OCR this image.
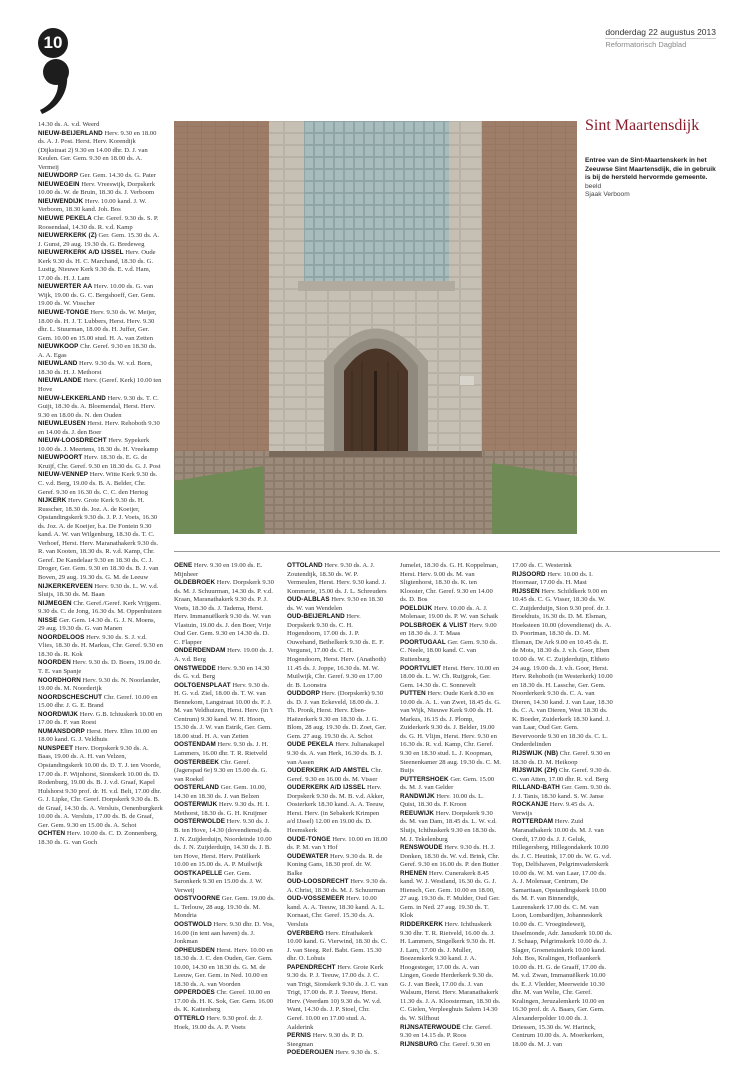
10
donderdag 22 augustus 2013
Reformatorisch Dagblad

14.30 ds. A. v.d. Weerd

NIEUW-BEIJERLAND Herv. 9.30 en 18.00 ds. A. J. Post. Herst. Herv. Korendijk (Dijkstraat 2) 9.30 en 14.00 dhr. D. J. van Keulen. Ger. Gem. 9.30 en 18.00 ds. A. Vermeij

NIEUWDORP Ger. Gem. 14.30 ds. G. Pater

NIEUWEGEIN Herv. Vreeswijk, Dorpskerk 10.00 ds. W. de Bruin, 18.30 ds. J. Verboom

NIEUWENDIJK Herv. 10.00 kand. J. W. Verboom, 18.30 kand. Joh. Bos

NIEUWE PEKELA Chr. Geref. 9.30 ds. S. P. Roosendaal, 14.30 ds. R. v.d. Kamp

NIEUWERKERK (Z) Ger. Gem. 15.30 ds. A. J. Gunst, 29 aug. 19.30 ds. G. Bredeweg

NIEUWERKERK A/D IJSSEL Herv. Oude Kerk 9.30 ds. H. C. Marchand, 18.30 ds. G. Lustig, Nieuwe Kerk 9.30 ds. E. v.d. Ham, 17.00 ds. H. J. Lam

NIEUWERTER AA Herv. 10.00 ds. G. van Wijk, 19.00 ds. G. C. Bergshoeff, Ger. Gem. 19.00 ds. W. Visscher

NIEUWE-TONGE Herv. 9.30 ds. W. Meijer, 18.00 ds. H. J. T. Lubbers, Herst. Herv. 9.30 dhr. L. Stuurman, 18.00 ds. H. Juffer, Ger. Gem. 10.00 en 15.00 stud. H. A. van Zetten

NIEUWKOOP Chr. Geref. 9.30 en 18.30 ds. A. A. Egas

NIEUWLAND Herv. 9.30 ds. W. v.d. Born, 18.30 ds. H. J. Methorst

NIEUWLANDE Herv. (Geref. Kerk) 10.00 ten Hove

NIEUW-LEKKERLAND Herv. 9.30 ds. T. C. Guijt, 18.30 ds. A. Bloemendal, Herst. Herv. 9.30 en 18.00 ds. N. den Ouden

NIEUWLEUSEN Herst. Herv. Rehoboth 9.30 en 14.00 ds. J. den Boer

NIEUW-LOOSDRECHT Herv. Sypekerk 10.00 ds. J. Meertens, 18.30 ds. H. Vreekamp

NIEUWPOORT Herv. 18.30 ds. E. G. de Kruijf, Chr. Geref. 9.30 en 18.30 ds. G. J. Post

NIEUW-VENNEP Herv. Witte Kerk 9.30 ds. C. v.d. Berg, 19.00 ds. B. A. Belder, Chr. Geref. 9.30 en 16.30 ds. C. C. den Hertog

NIJKERK Herv. Grote Kerk 9.30 ds. H. Russcher, 18.30 ds. Joz. A. de Koeijer, Opstandingskerk 9.30 ds. J. P. J. Voets, 16.30 ds. Joz. A. de Koeijer, b.a. De Fontein 9.30 kand. A. W. van Wilgenburg, 18.30 ds. T. C. Verhoef, Herst. Herv. Maranathakerk 9.30 ds. R. van Kooten, 18.30 ds. R. v.d. Kamp, Chr. Geref. De Kandelaar 9.30 en 18.30 ds. C. J. Droger, Ger. Gem. 9.30 en 18.30 ds. B. J. van Boven, 29 aug. 19.30 ds. G. M. de Leeuw

NIJKERKERVEEN Herv. 9.30 ds. L. W. v.d. Sluijs, 18.30 ds. M. Baan

NIJMEGEN Chr. Geref./Geref. Kerk Vrijgem. 9.30 ds. C. de Jong, 16.30 ds. M. Oppenhuizen

NISSE Ger. Gem. 14.30 ds. G. J. N. Moens, 29 aug. 19.30 ds. G. van Manen

NOORDELOOS Herv. 9.30 ds. S. J. v.d. Vlies, 18.30 ds. H. Markus, Chr. Geref. 9.30 en 18.30 ds. R. Kok

NOORDEN Herv. 9.30 ds. D. Boers, 19.00 dr. T. E. van Spanje

NOORDHORN Herv. 9.30 ds. N. Noorlander, 19.00 ds. M. Noorderijk

NOORDSCHESCHUT Chr. Geref. 10.00 en 15.00 dhr. J. G. E. Brand

NOORDWIJK Herv. G.B. Ichtuskerk 10.00 en 17.00 ds. F. van Roest

NUMANSDORP Herst. Herv. Elim 10.00 en 18.00 kand. G. J. Veldhuis

NUNSPEET Herv. Dorpskerk 9.30 ds. A. Baas, 19.00 ds. A. H. van Velzen, Opstandingskerk 10.00 ds. D. T. J. ten Voorde, 17.00 ds. F. Wijnhorst, Sionskerk 10.00 ds. D. Rodenburg, 19.00 ds. B. J. v.d. Graaf, Kapel Hulshorst 9.30 prof. dr. H. v.d. Belt, 17.00 dhr. G. J. Lipke, Chr. Geref. Dorpskerk 9.30 ds. B. de Graaf, 14.30 ds. A. Versluis, Oenenburgkerk 10.00 ds. A. Versluis, 17.00 ds. B. de Graaf, Ger. Gem. 9.30 en 15.00 ds. A. Schot

OCHTEN Herv. 10.00 ds. C. D. Zonnenberg, 18.30 ds. G. van Goch

Sint Maartensdijk
Entree van de Sint-Maartenskerk in het Zeeuwse Sint Maartensdijk, die in gebruik is bij de hersteld hervormde gemeente. beeld
Sjaak Verboom

OENE Herv. 9.30 en 19.00 ds. E. Mijnheer

OLDEBROEK Herv. Dorpskerk 9.30 ds. M. J. Schuurman, 14.30 ds. P. v.d. Kraan, Maranathakerk 9.30 ds. P. J. Voets, 18.30 ds. J. Tadema, Herst. Herv. Immanuëlkerk 9.30 ds. W. van Vlastuin, 19.00 ds. J. den Boer, Vrije Oud Ger. Gem. 9.30 en 14.30 ds. D. C. Flapper

ONDERDENDAM Herv. 19.00 ds. J. A. v.d. Berg

ONSTWEDDE Herv. 9.30 en 14.30 ds. G. v.d. Berg

OOLTGENSPLAAT Herv. 9.30 ds. H. G. v.d. Ziel, 18.00 ds. T. W. van Bennekom, Langstraat 10.00 ds. F. J. M. van Veldhuizen, Herst. Herv. (in 't Centrum) 9.30 kand. W. H. Hoorn, 15.30 ds. J. W. van Estrik, Ger. Gem. 18.00 stud. H. A. van Zetten

OOSTENDAM Herv. 9.30 ds. J. H. Lammers, 16.00 dhr. T. R. Rietveld

OOSTERBEEK Chr. Geref. (Jagerspad 6e) 9.30 en 15.00 ds. G. van Roekel

OOSTERLAND Ger. Gem. 10.00, 14.30 en 18.30 ds. J. van Belzen

OOSTERWIJK Herv. 9.30 ds. H. I. Methorst, 18.30 ds. G. H. Kruijmer

OOSTERWOLDE Herv. 9.30 ds. J. B. ten Hove, 14.30 (dovendienst) ds. J. N. Zuijderduijn, Noordeinde 10.00 ds. J. N. Zuijderduijn, 14.30 ds. J. B. ten Hove, Herst. Herv. Pniëlkerk 10.00 en 15.00 ds. A. P. Muilwijk

OOSTKAPELLE Ger. Gem. Saronkerk 9.30 en 15.00 ds. J. W. Verweij

OOSTVOORNE Ger. Gem. 19.00 ds. L. Terlouw, 28 aug. 19.30 ds. M. Mondria

OOSTWOLD Herv. 9.30 dhr. D. Vos, 16.00 (in tent aan haven) ds. J. Jonkman

OPHEUSDEN Herst. Herv. 10.00 en 18.30 ds. J. C. den Ouden, Ger. Gem. 10.00, 14.30 en 18.30 ds. G. M. de Leeuw, Ger. Gem. in Ned. 10.00 en 18.30 ds. A. van Voorden

OPPERDOES Chr. Geref. 10.00 en 17.00 ds. H. K. Sok, Ger. Gem. 16.00 ds. K. Kattenberg

OTTERLO Herv. 9.30 prof. dr. J. Hoek, 19.00 ds. A. P. Voets

OTTOLAND Herv. 9.30 ds. A. J. Zoutendijk, 18.30 ds. W. P. Vermeulen, Herst. Herv. 9.30 kand. J. Kommerie, 15.00 ds. J. L. Schreuders

OUD-ALBLAS Herv. 9.30 en 18.30 ds. W. van Wendelen

OUD-BEIJERLAND Herv. Dorpskerk 9.30 ds. C. H. Hogendoorn, 17.00 ds. J. P. Ouwehand, Bethelkerk 9.30 ds. E. F. Vergunst, 17.00 ds. C. H. Hogendoorn, Herst. Herv. (Anathoth) 11.45 ds. J. Joppe, 16.30 ds. M. W. Muilwijk, Chr. Geref. 9.30 en 17.00 dr. B. Loonstra

OUDDORP Herv. (Dorpskerk) 9.30 ds. D. J. van Eckeveld, 18.00 ds. J. Th. Pronk, Herst. Herv. Eben-Haëzerkerk 9.30 en 18.30 ds. J. G. Blom, 28 aug. 19.30 ds. D. Zoet, Ger. Gem. 27 aug. 19.30 ds. A. Schot

OUDE PEKELA Herv. Julianakapel 9.30 ds. A. van Herk, 16.30 ds. B. J. van Assen

OUDERKERK A/D AMSTEL Chr. Geref. 9.30 en 16.00 ds. M. Visser

OUDERKERK A/D IJSSEL Herv. Dorpskerk 9.30 ds. M. B. v.d. Akker, Oosterkerk 18.30 kand. A. A. Teeuw, Herst. Herv. (in Sebakerk Krimpen a/d IJssel) 12.00 en 19.00 ds. D. Heemskerk

OUDE-TONGE Herv. 10.00 en 18.00 ds. P. M. van 't Hof

OUDEWATER Herv. 9.30 ds. R. de Koning Gans, 18.30 prof. dr. W. Balke

OUD-LOOSDRECHT Herv. 9.30 ds. A. Christ, 18.30 ds. M. J. Schuurman

OUD-VOSSEMEER Herv. 10.00 kand. A. A. Teeuw, 18.30 kand. A. L. Kornaat, Chr. Geref. 15.30 ds. A. Versluis

OVERBERG Herv. Efrathakerk 10.00 kand. G. Vierwind, 18.30 ds. C. J. van Steeg. Ref. Babt. Gem. 15.30 dhr. O. Lohuis

PAPENDRECHT Herv. Grote Kerk 9.30 ds. P. J. Teeuw, 17.00 ds. J. C. van Trigt, Sionskerk 9.30 ds. J. C. van Trigt, 17.00 ds. P. J. Teeuw, Herst. Herv. (Veerdam 10) 9.30 ds. W. v.d. Want, 14.30 ds. J. P. Stoel, Chr. Geref. 10.00 en 17.00 stud. A. Aalderink

PERNIS Herv. 9.30 ds. P. D. Steegman

POEDEROIJEN Herv. 9.30 ds. S.

Jumelet, 18.30 ds. G. H. Koppelman, Herst. Herv. 9.00 ds. M. van Sligtenhorst, 18.30 ds. K. ten Klooster, Chr. Geref. 9.30 en 14.00 ds. D. Bos

POELDIJK Herv. 10.00 ds. A. J. Molenaar, 19.00 ds. P. W. van Schaik

POLSBROEK & VLIST Herv. 9.00 en 18.30 ds. J. T. Maas

POORTUGAAL Ger. Gem. 9.30 ds. C. Neele, 18.00 kand. C. van Ruitenburg

POORTVLIET Herst. Herv. 10.00 en 18.00 ds. L. W. Ch. Ruijgrok, Ger. Gem. 14.30 ds. C. Sonnevelt

PUTTEN Herv. Oude Kerk 8.30 en 10.00 ds. A. L. van Zwet, 18.45 ds. G. van Wijk, Nieuwe Kerk 9.00 ds. H. Markus, 16.15 ds. J. Plomp, Zuiderkerk 9.30 ds. J. Belder, 19.00 ds. G. H. Vlijm, Herst. Herv. 9.30 en 16.30 ds. R. v.d. Kamp, Chr. Geref. 9.30 en 18.30 stud. L. J. Koopman, Steenenkamer 28 aug. 19.30 ds. C. M. Buijs

PUTTERSHOEK Ger. Gem. 15.00 ds. M. J. van Gelder

RANDWIJK Herv. 10.00 ds. L. Quist, 18.30 ds. F. Kroon

REEUWIJK Herv. Dorpskerk 9.30 ds. M. van Dam, 18.45 ds. L. W. v.d. Sluijs, Ichthuskerk 9.30 en 18.30 ds. M. J. Tekelenburg

RENSWOUDE Herv. 9.30 ds. H. J. Donken, 18.30 ds. W. v.d. Brink, Chr. Geref. 9.30 en 16.00 ds. P. den Butter

RHENEN Herv. Cunerakerk 8.45 kand. W. J. Westland, 16.30 ds. G. J. Hiensch, Ger. Gem. 10.00 en 18.00, 27 aug. 19.30 ds. F. Mulder, Oud Ger. Gem. in Ned. 27 aug. 19.30 ds. T. Klok

RIDDERKERK Herv. Ichthuskerk 9.30 dhr. T. R. Rietveld, 16.00 ds. J. H. Lammers, Singelkerk 9.30 ds. H. J. Lam, 17.00 ds. J. Muller, Boezemkerk 9.30 kand. J. A. Hoogesteger, 17.00 ds. A. van Lingen, Goede Herderkerk 9.30 ds. G. J. van Beek, 17.00 ds. J. van Walsum, Herst. Herv. Maranathakerk 11.30 ds. J. A. Kloosterman, 18.30 ds. C. Gielen, Verpleeghuis Salem 14.30 ds. W. Silfhout

RIJNSATERWOUDE Chr. Geref. 9.30 en 14.15 ds. P. Roos

RIJNSBURG Chr. Geref. 9.30 en

17.00 ds. C. Westerink

RIJSOORD Herv. 10.00 ds. I. Hoornaar, 17.00 ds. H. Mast

RIJSSEN Herv. Schildkerk 9.00 en 10.45 ds. C. G. Visser, 18.30 ds. W. C. Zuijderduijn, Sion 9.30 prof. dr. J. Broekhuis, 16.30 ds. D. M. Elsman, Hoeksteen 10.00 (dovendienst) ds. A. D. Poortman, 18.30 ds. D. M. Elsman, De Ark 9.00 en 10.45 ds. E. de Mots, 18.30 ds. J. v.h. Goor, Eben 10.00 ds. W. C. Zuijderduijn, Eltheto 24 aug. 19.00 ds. J. v.h. Goor, Herst. Herv. Rehoboth (in Westerkerk) 10.00 en 18.30 ds. H. Lassche, Ger. Gem. Noorderkerk 9.30 ds. C. A. van Dieren, 14.30 kand. J. van Laar, 18.30 ds. C. A. van Dieren, West 18.30 ds. K. Boeder, Zuiderkerk 18.30 kand. J. van Laar, Oud Ger. Gem. Bevervoorde 9.30 en 18.30 ds. C. L. Onderdelinden

RIJSWIJK (NB) Chr. Geref. 9.30 en 18.30 ds. D. M. Heikoop

RIJSWIJK (ZH) Chr. Geref. 9.30 ds. C. van Atten, 17.00 dhr. R. v.d. Berg

RILLAND-BATH Ger. Gem. 9.30 ds. J. J. Tanis, 18.30 kand. S. W. Janse

ROCKANJE Herv. 9.45 ds. A. Verwijs

ROTTERDAM Herv. Zuid Maranathakerk 10.00 ds. M. J. van Oordt, 17.00 ds. J. J. Geluk, Hillegersberg, Hillegondakerk 10.00 ds. J. C. Heutink, 17.00 ds. W. G. v.d. Top, Delfshaven, Pelgrimvaderskerk 10.00 ds. W. M. van Laar, 17.00 ds. A. J. Molenaar, Centrum, De Samaritaan, Opstandingskerk 10.00 ds. M. F. van Binnendijk, Laurenskerk 17.00 ds. C. M. van Loon, Lombardijen, Johanneskerk 10.00 ds. C. Vroegindeweij, IJsselmonde, Adr. Janszkerk 10.00 ds. J. Schaap, Pelgrimskerk 10.00 ds. J. Slager, Groenetuinkerk 10.00 kand. Joh. Bos, Kralingen, Hoflaankerk 10.00 ds. H. G. de Graaff, 17.00 ds. M. v.d. Zwan, Immanuëlkerk 10.00 ds. E. J. Vledder, Meerweide 10.30 dhr. M. van Welie, Chr. Geref. Kralingen, Jeruzalemkerk 10.00 en 16.30 prof. dr. A. Baars, Ger. Gem. Alexanderpolder 10.00 ds. J. Driessen, 15.30 ds. W. Harinck, Centrum 10.00 ds. A. Moerkerken, 18.00 ds. M. J. van
